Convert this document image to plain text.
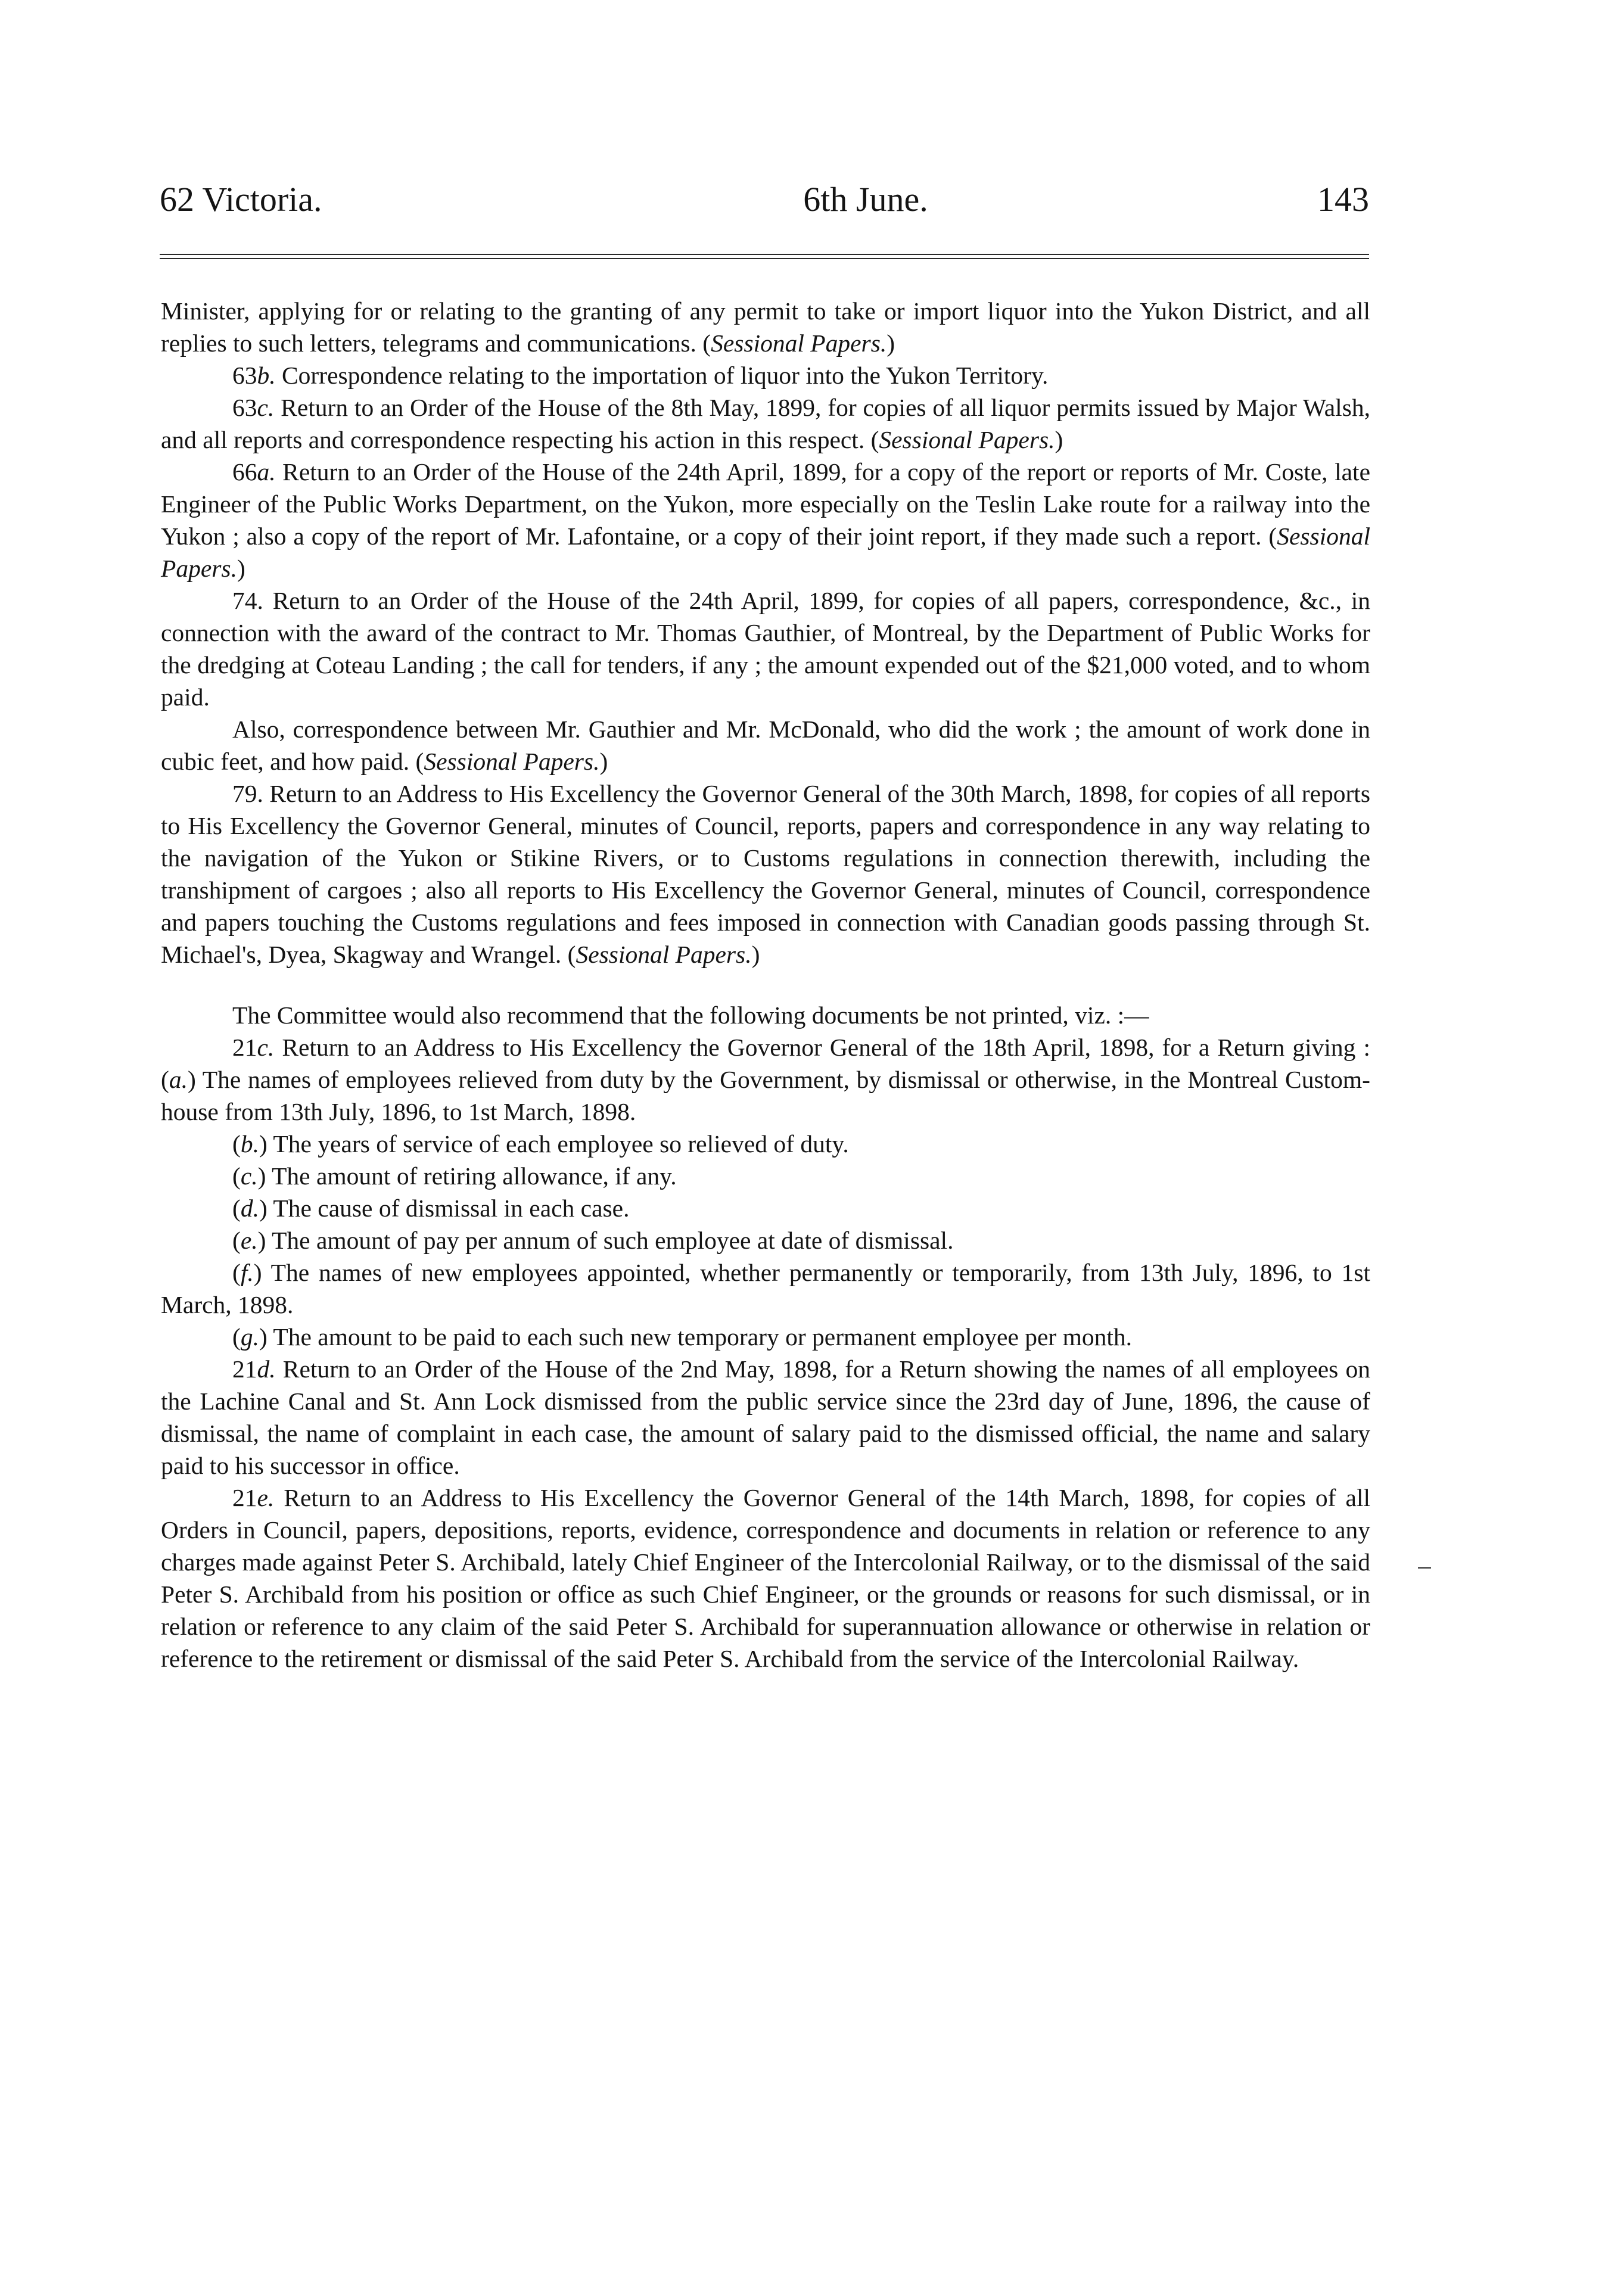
62 Victoria.	6th June.	143

Minister, applying for or relating to the granting of any permit to take or import liquor into the Yukon District, and all replies to such letters, telegrams and communications. (Sessional Papers.)

63b. Correspondence relating to the importation of liquor into the Yukon Territory.

63c. Return to an Order of the House of the 8th May, 1899, for copies of all liquor permits issued by Major Walsh, and all reports and correspondence respecting his action in this respect. (Sessional Papers.)

66a. Return to an Order of the House of the 24th April, 1899, for a copy of the report or reports of Mr. Coste, late Engineer of the Public Works Department, on the Yukon, more especially on the Teslin Lake route for a railway into the Yukon ; also a copy of the report of Mr. Lafontaine, or a copy of their joint report, if they made such a report. (Sessional Papers.)

74. Return to an Order of the House of the 24th April, 1899, for copies of all papers, correspondence, &c., in connection with the award of the contract to Mr. Thomas Gauthier, of Montreal, by the Department of Public Works for the dredging at Coteau Landing ; the call for tenders, if any ; the amount expended out of the $21,000 voted, and to whom paid.

Also, correspondence between Mr. Gauthier and Mr. McDonald, who did the work ; the amount of work done in cubic feet, and how paid. (Sessional Papers.)

79. Return to an Address to His Excellency the Governor General of the 30th March, 1898, for copies of all reports to His Excellency the Governor General, minutes of Council, reports, papers and correspondence in any way relating to the navigation of the Yukon or Stikine Rivers, or to Customs regulations in connection therewith, including the transhipment of cargoes ; also all reports to His Excellency the Governor General, minutes of Council, correspondence and papers touching the Customs regulations and fees imposed in connection with Canadian goods passing through St. Michael's, Dyea, Skagway and Wrangel. (Sessional Papers.)

The Committee would also recommend that the following documents be not printed, viz. :—

21c. Return to an Address to His Excellency the Governor General of the 18th April, 1898, for a Return giving : (a.) The names of employees relieved from duty by the Government, by dismissal or otherwise, in the Montreal Custom-house from 13th July, 1896, to 1st March, 1898.

(b.) The years of service of each employee so relieved of duty.

(c.) The amount of retiring allowance, if any.

(d.) The cause of dismissal in each case.

(e.) The amount of pay per annum of such employee at date of dismissal.

(f.) The names of new employees appointed, whether permanently or temporarily, from 13th July, 1896, to 1st March, 1898.

(g.) The amount to be paid to each such new temporary or permanent employee per month.

21d. Return to an Order of the House of the 2nd May, 1898, for a Return showing the names of all employees on the Lachine Canal and St. Ann Lock dismissed from the public service since the 23rd day of June, 1896, the cause of dismissal, the name of complaint in each case, the amount of salary paid to the dismissed official, the name and salary paid to his successor in office.

21e. Return to an Address to His Excellency the Governor General of the 14th March, 1898, for copies of all Orders in Council, papers, depositions, reports, evidence, correspondence and documents in relation or reference to any charges made against Peter S. Archibald, lately Chief Engineer of the Intercolonial Railway, or to the dismissal of the said Peter S. Archibald from his position or office as such Chief Engineer, or the grounds or reasons for such dismissal, or in relation or reference to any claim of the said Peter S. Archibald for superannuation allowance or otherwise in relation or reference to the retirement or dismissal of the said Peter S. Archibald from the service of the Intercolonial Railway.
